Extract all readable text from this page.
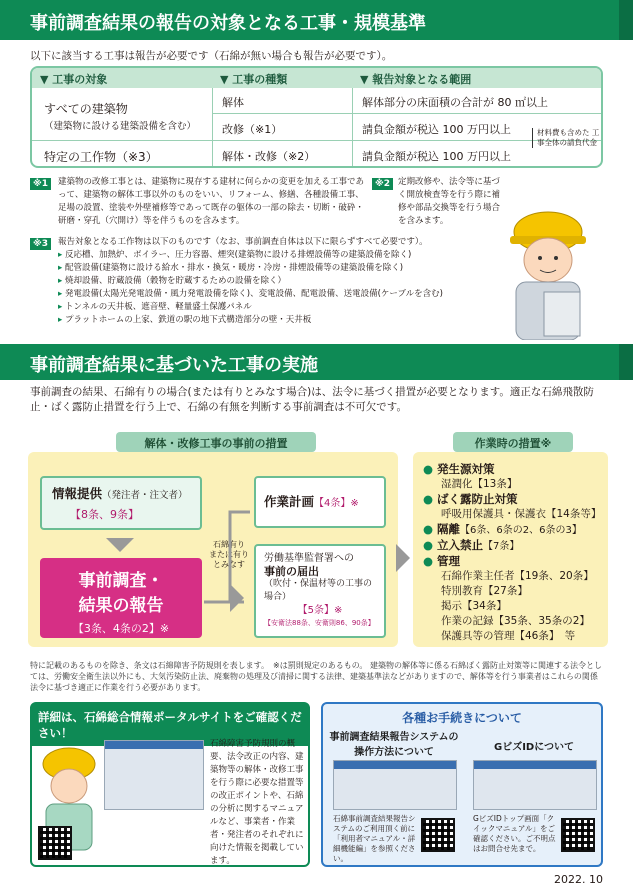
事前調査結果の報告の対象となる工事・規模基準
以下に該当する工事は報告が必要です（石綿が無い場合も報告が必要です）。
▼ 工事の対象	▼ 工事の種類	▼ 報告対象となる範囲
すべての建築物
（建築物に設ける建築設備を含む）
解体	解体部分の床面積の合計が 80 ㎡以上
改修（※1）	請負金額が税込 100 万円以上
特定の工作物（※3）	解体・改修（※2）	請負金額が税込 100 万円以上
材料費も含めた 工事全体の請負代金
※1	建築物の改修工事とは、建築物に現存する建材に何らかの変更を加える工事であって、建築物の解体工事以外のものをいい、リフォーム、修繕、各種設備工事、足場の設置、塗装や外壁補修等であって既存の躯体の一部の除去・切断・破砕・研磨・穿孔（穴開け）等を伴うものを含みます。
※2 定期改修や、法令等に基づく開放検査等を行う際に補修や部品交換等を行う場合を含みます。
※3	報告対象となる工作物は以下のものです（なお、事前調査自体は以下に限らずすべて必要です）。
▸ 反応槽、加熱炉、ボイラー、圧力容器、煙突(建築物に設ける排煙設備等の建築設備を除く)
▸ 配管設備(建築物に設ける給水・排水・換気・暖房・冷房・排煙設備等の建築設備を除く)
▸ 焼却設備、貯蔵設備（穀物を貯蔵するための設備を除く）
▸ 発電設備(太陽光発電設備・風力発電設備を除く)、変電設備、配電設備、送電設備(ケーブルを含む)
▸ トンネルの天井板、遮音壁、軽量盛土保護パネル
▸ プラットホームの上家、鉄道の駅の地下式構造部分の壁・天井板
事前調査結果に基づいた工事の実施
事前調査の結果、石綿有りの場合(または有りとみなす場合)は、法令に基づく措置が必要となります。適正な石綿飛散防止・ばく露防止措置を行う上で、石綿の有無を判断する事前調査は不可欠です。
解体・改修工事の事前の措置	作業時の措置※
情報提供（発注者・注文者）
【8条、9条】
事前調査・
結果の報告
【3条、4条の2】※
石綿有り または有り とみなす
作業計画【4条】※
労働基準監督署への
事前の届出
（吹付・保温材等の工事の場合）
【5条】※
【安衛法88条、安衛則86、90条】
● 発生源対策
湿潤化【13条】
● ばく露防止対策
呼吸用保護具・保護衣【14条等】
● 隔離【6条、6条の2、6条の3】
● 立入禁止【7条】
● 管理
石綿作業主任者【19条、20条】
特別教育【27条】
掲示【34条】
作業の記録【35条、35条の2】
保護具等の管理【46条】　等
特に記載のあるものを除き、条文は石綿障害予防規則を表します。　※は罰則規定のあるもの。 建築物の解体等に係る石綿ばく露防止対策等に関連する法令としては、労働安全衛生法以外にも、大気汚染防止法、廃棄物の処理及び清掃に関する法律、建築基準法などがありますので、解体等を行う事業者はこれらの関係法令に基づき適正に作業を行う必要があります。
詳細は、石綿総合情報ポータルサイトをご確認ください！
石綿障害予防規則の概要、法令改正の内容、建築物等の解体・改修工事を行う際に必要な措置等の改正ポイントや、石綿の分析に関するマニュアルなど、事業者・作業者・発注者のそれぞれに向けた情報を掲載しています。
各種お手続きについて
事前調査結果報告システムの操作方法について
石綿事前調査結果報告システムのご利用頂く前に「利用者マニュアル・詳細機能編」を参照ください。
GビズIDについて
GビズIDトップ画面「クイックマニュアル」をご確認ください。ご不明点はお問合せ先まで。
2022. 10
